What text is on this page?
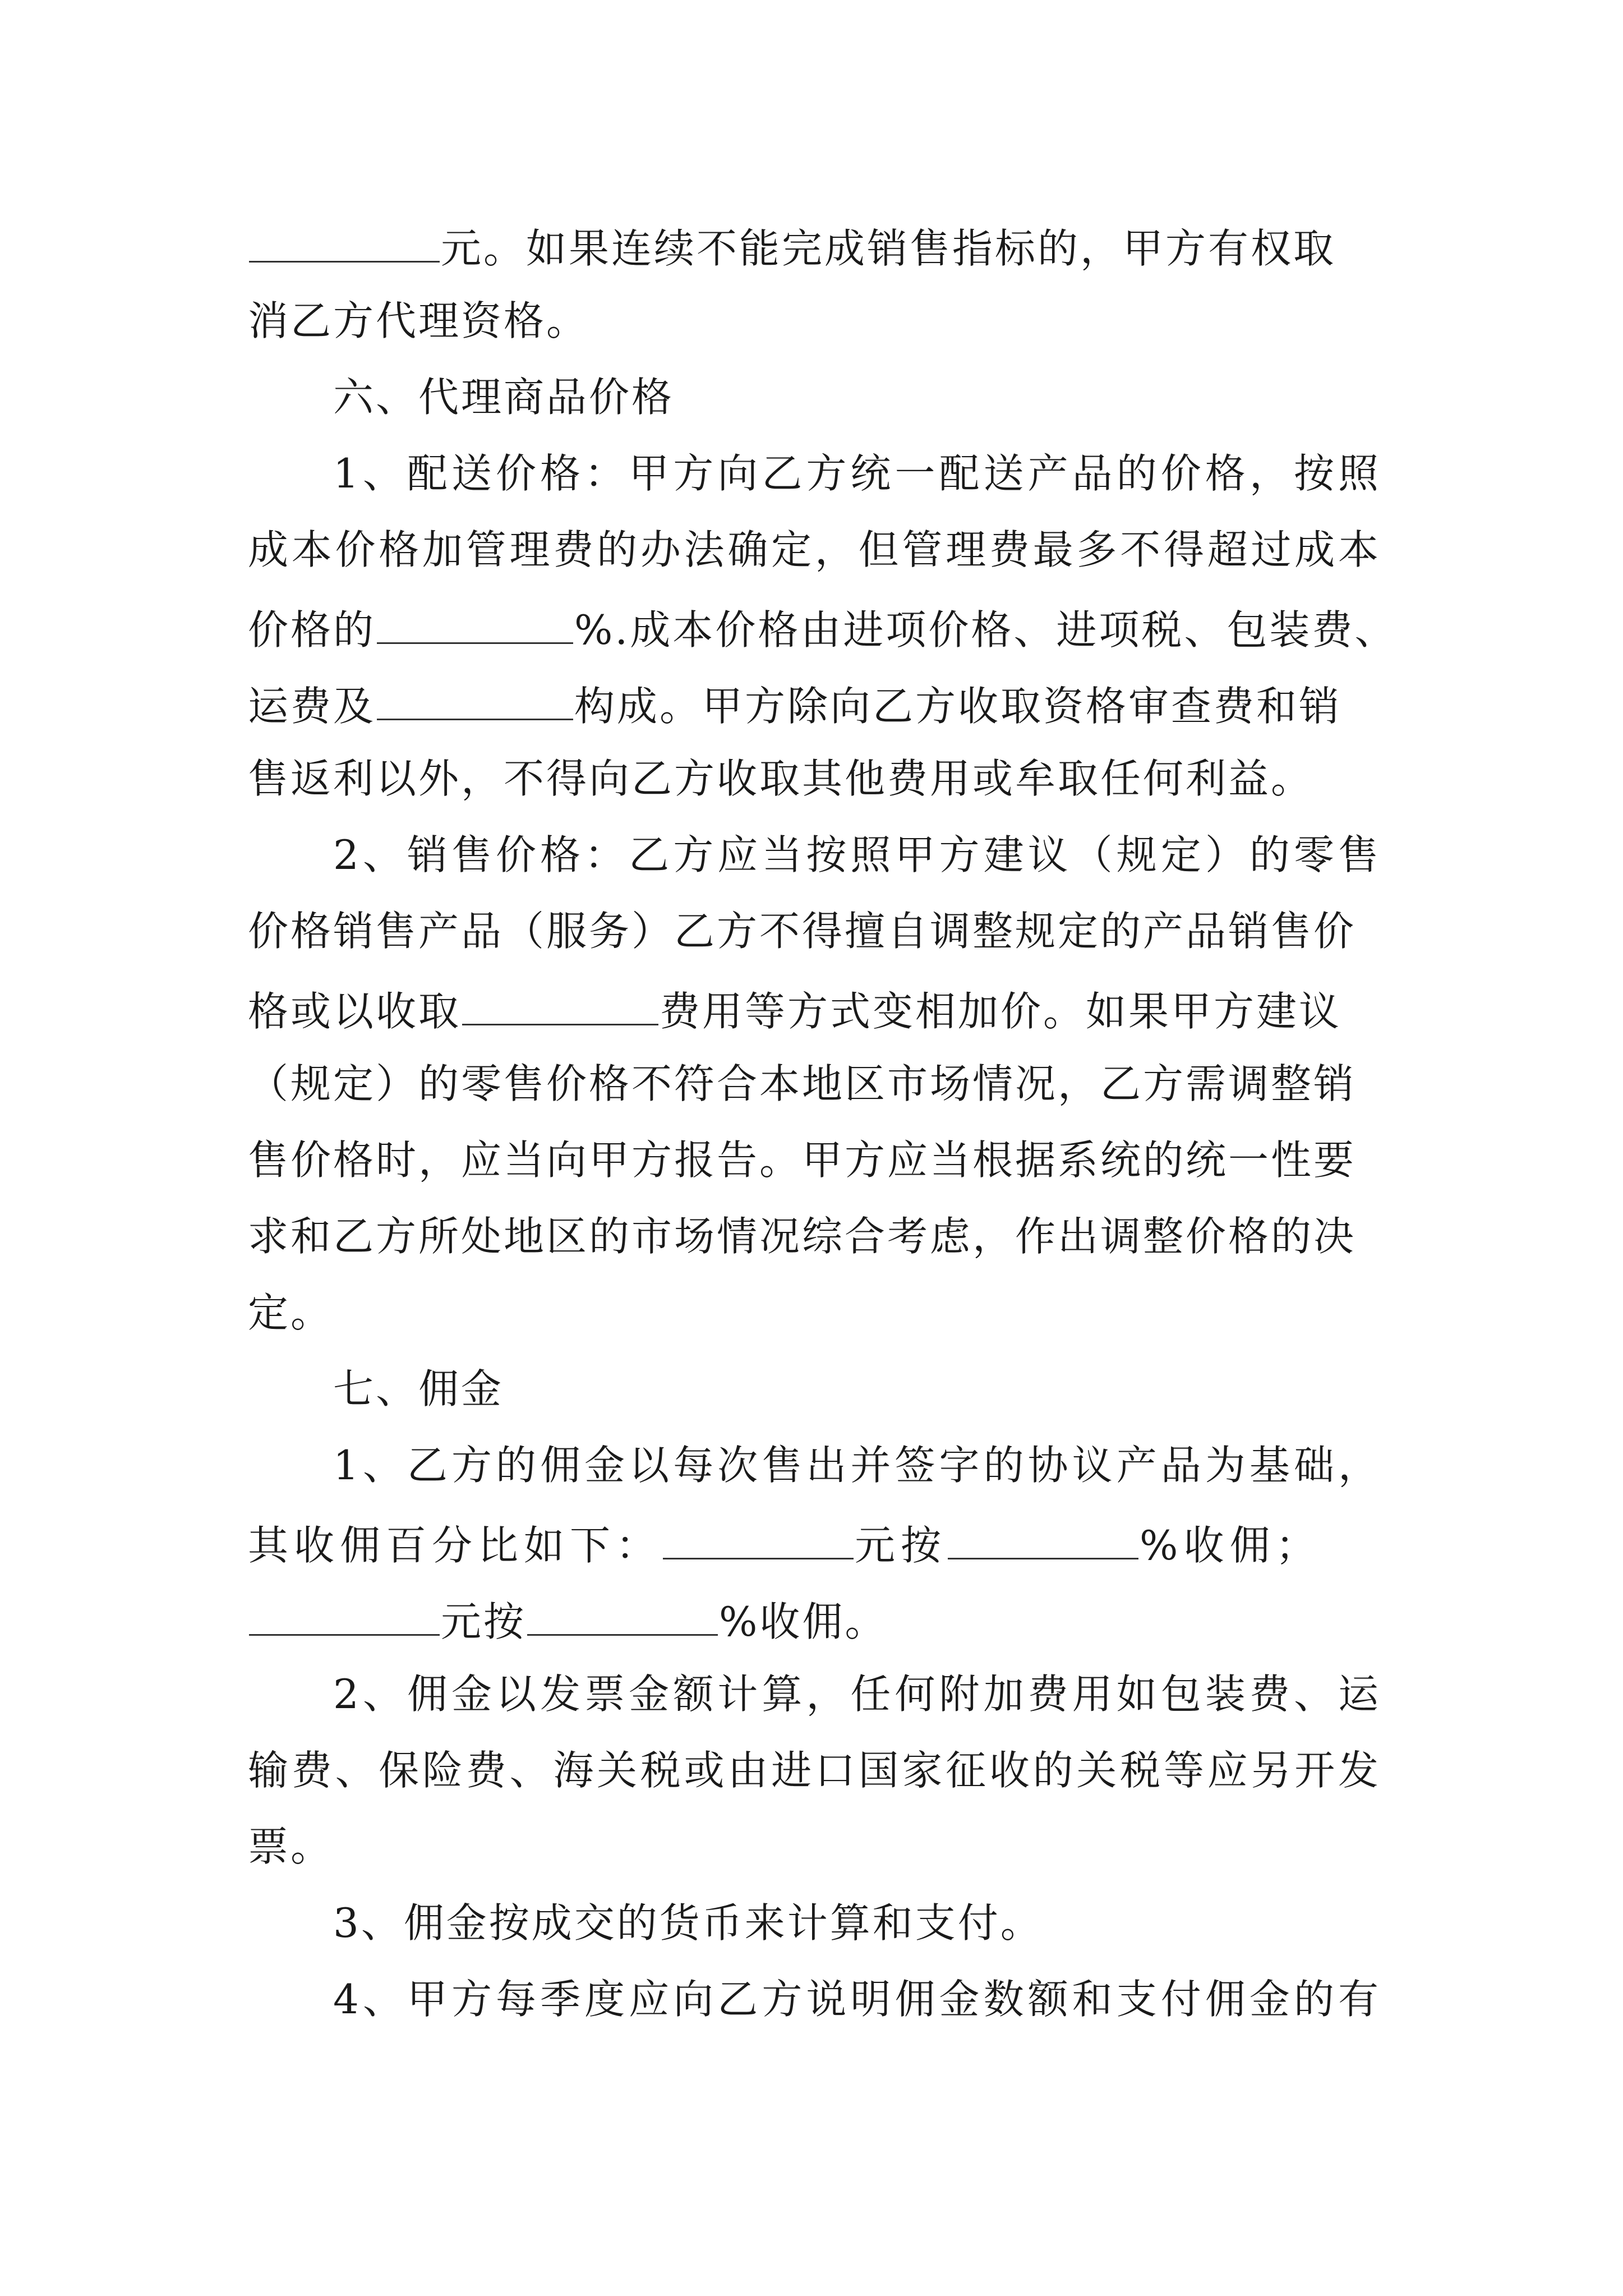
元。如果连续不能完成销售指标的，甲方有权取
消乙方代理资格。
六、代理商品价格
1、配送价格：甲方向乙方统一配送产品的价格，按照
成本价格加管理费的办法确定，但管理费最多不得超过成本
价格的	%.成本价格由进项价格、进项税、包装费、
运费及	构成。甲方除向乙方收取资格审查费和销
售返利以外，不得向乙方收取其他费用或牟取任何利益。
2、销售价格：乙方应当按照甲方建议（规定）的零售
价格销售产品（服务）乙方不得擅自调整规定的产品销售价
格或以收取	费用等方式变相加价。如果甲方建议
（规定）的零售价格不符合本地区市场情况，乙方需调整销
售价格时，应当向甲方报告。甲方应当根据系统的统一性要
求和乙方所处地区的市场情况综合考虑，作出调整价格的决
定。
七、佣金
1、乙方的佣金以每次售出并签字的协议产品为基础，
其收佣百分比如下：	元按	%收佣；
元按	%收佣。
2、佣金以发票金额计算，任何附加费用如包装费、运
输费、保险费、海关税或由进口国家征收的关税等应另开发
票。
3、佣金按成交的货币来计算和支付。
4、甲方每季度应向乙方说明佣金数额和支付佣金的有
